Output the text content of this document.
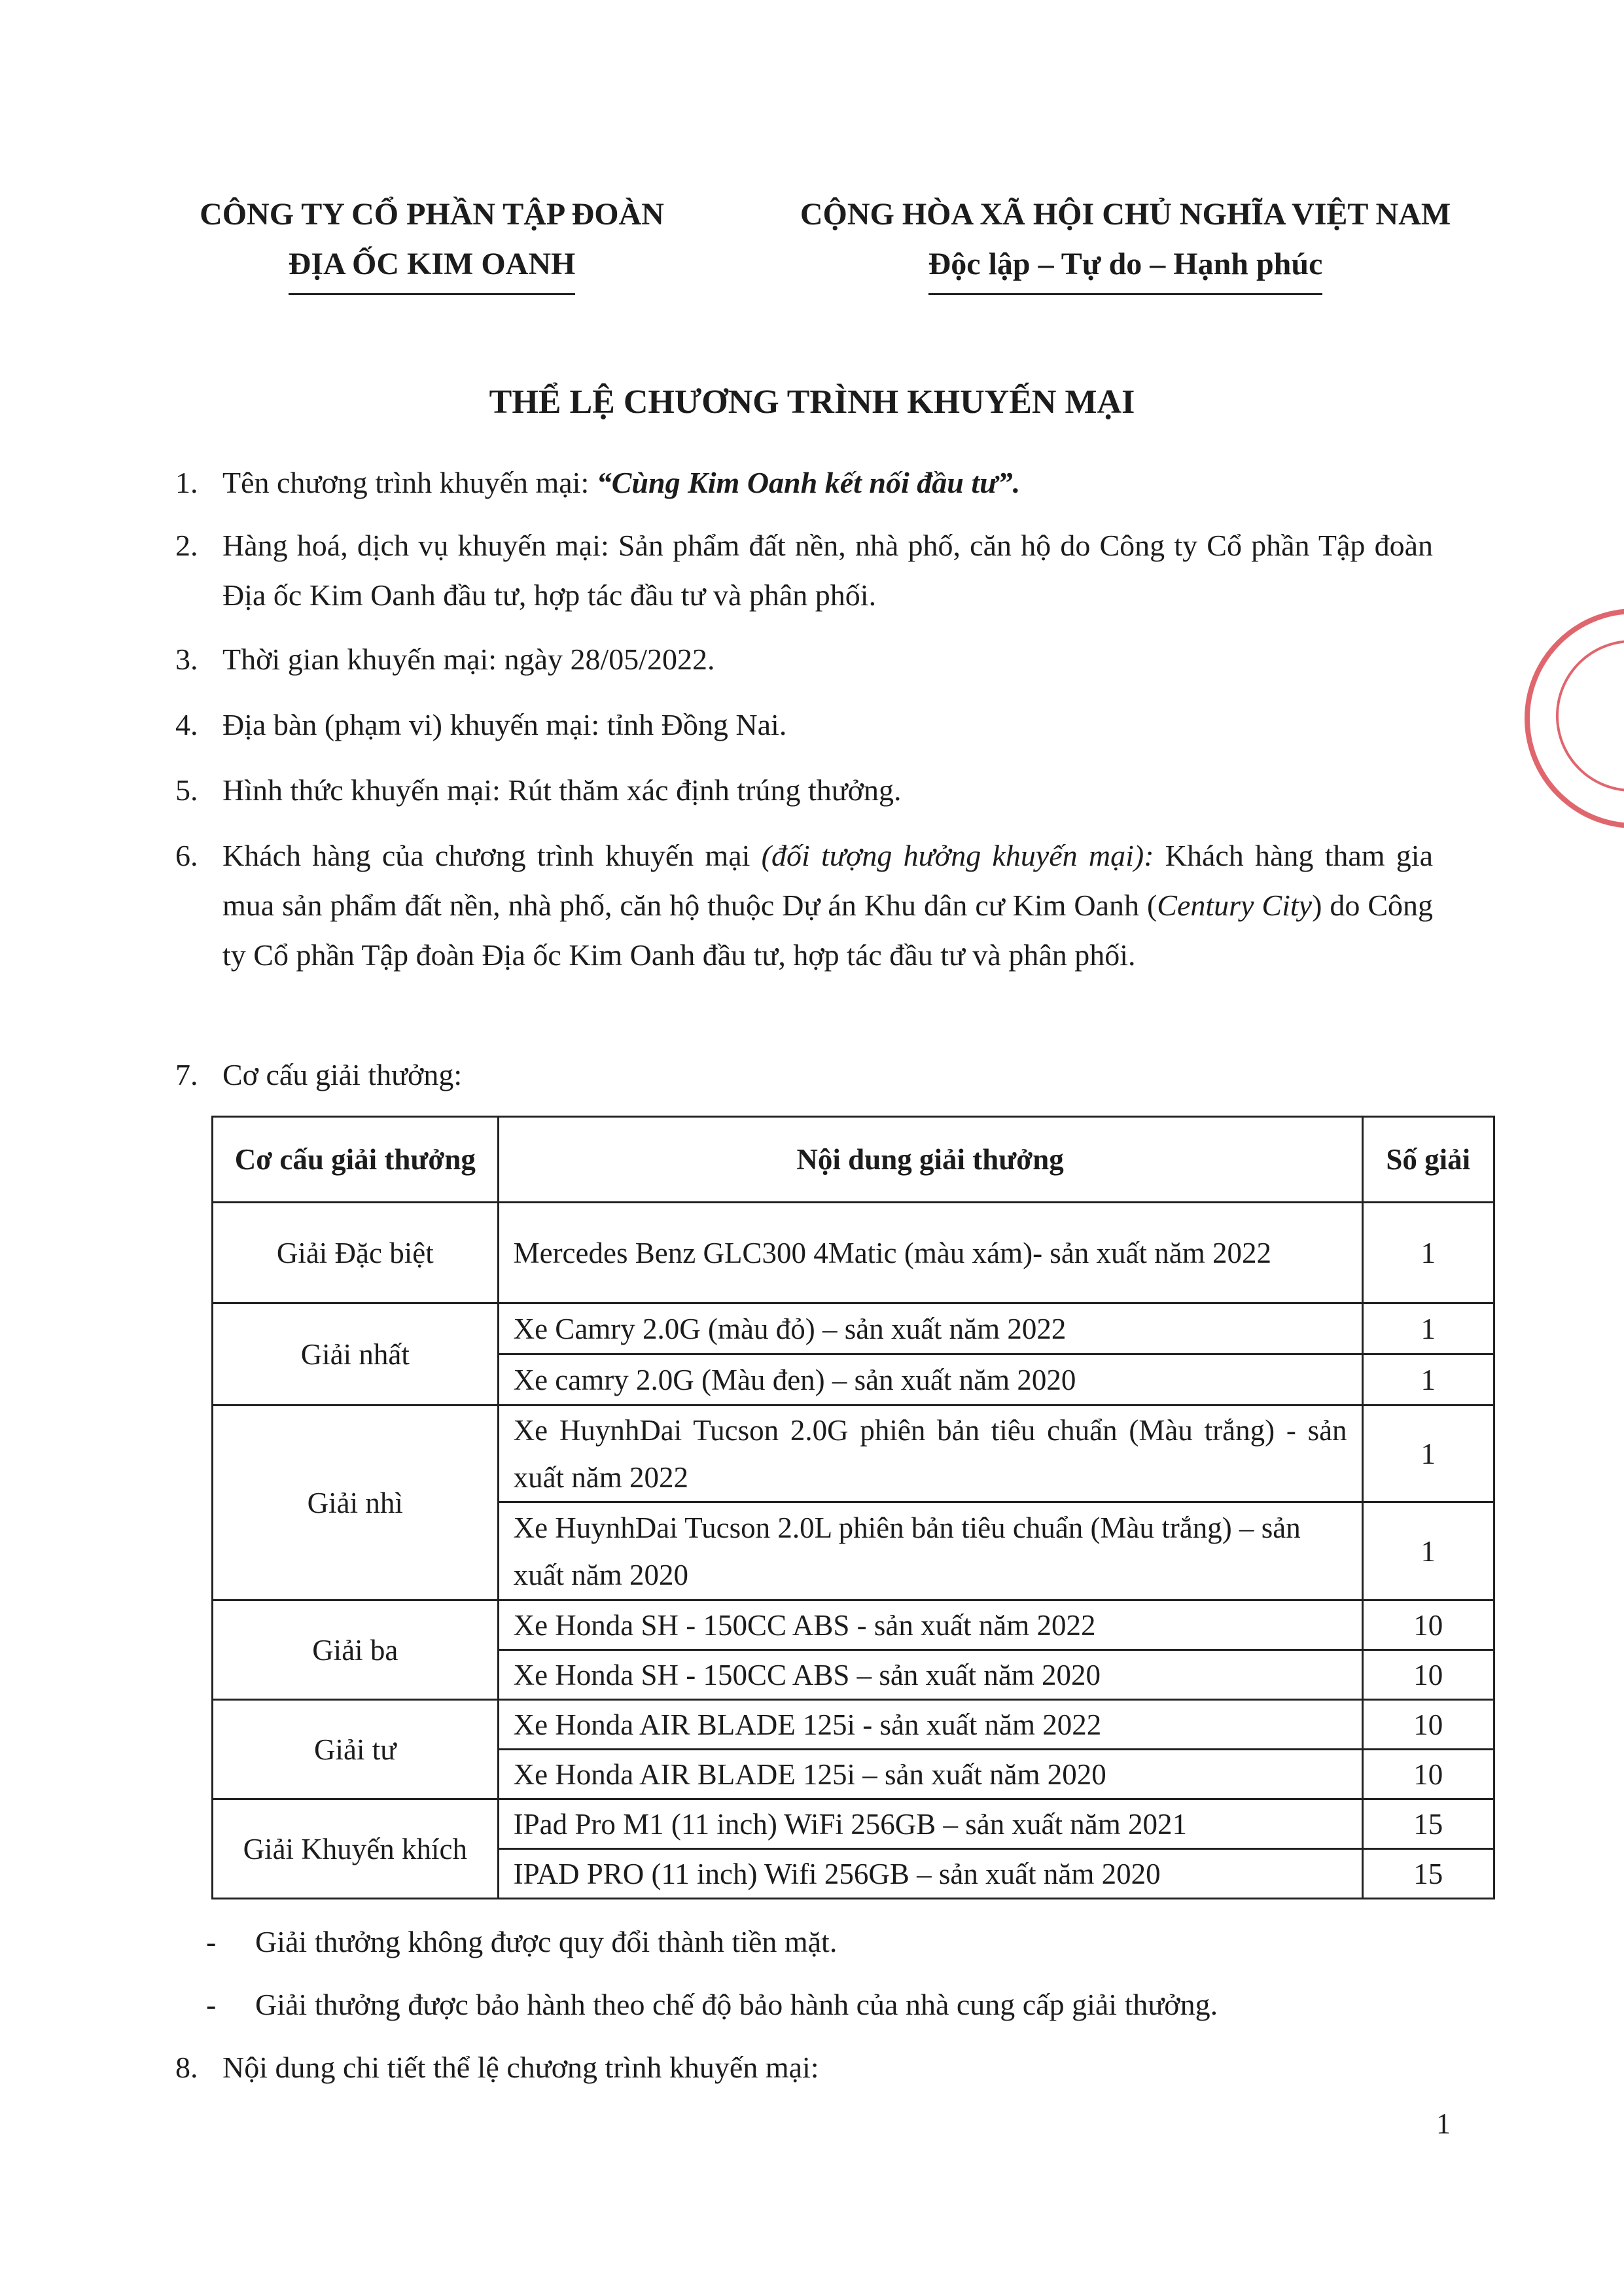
CÔNG TY CỔ PHẦN TẬP ĐOÀN
ĐỊA ỐC KIM OANH
CỘNG HÒA XÃ HỘI CHỦ NGHĨA VIỆT NAM
Độc lập – Tự do – Hạnh phúc
THỂ LỆ CHƯƠNG TRÌNH KHUYẾN MẠI
1. Tên chương trình khuyến mại: “Cùng Kim Oanh kết nối đầu tư”.
2. Hàng hoá, dịch vụ khuyến mại: Sản phẩm đất nền, nhà phố, căn hộ do Công ty Cổ phần Tập đoàn Địa ốc Kim Oanh đầu tư, hợp tác đầu tư và phân phối.
3. Thời gian khuyến mại: ngày 28/05/2022.
4. Địa bàn (phạm vi) khuyến mại: tỉnh Đồng Nai.
5. Hình thức khuyến mại: Rút thăm xác định trúng thưởng.
6. Khách hàng của chương trình khuyến mại (đối tượng hưởng khuyến mại): Khách hàng tham gia mua sản phẩm đất nền, nhà phố, căn hộ thuộc Dự án Khu dân cư Kim Oanh (Century City) do Công ty Cổ phần Tập đoàn Địa ốc Kim Oanh đầu tư, hợp tác đầu tư và phân phối.
7. Cơ cấu giải thưởng:
Cơ cấu giải thưởng	Nội dung giải thưởng	Số giải
Giải Đặc biệt	Mercedes Benz GLC300 4Matic (màu xám)- sản xuất năm 2022	1
Giải nhất	Xe Camry 2.0G (màu đỏ) – sản xuất năm 2022	1
	Xe camry 2.0G (Màu đen) – sản xuất năm 2020	1
Giải nhì	Xe HuynhDai Tucson 2.0G phiên bản tiêu chuẩn (Màu trắng) - sản xuất năm 2022	1
	Xe HuynhDai Tucson 2.0L phiên bản tiêu chuẩn (Màu trắng) – sản xuất năm 2020	1
Giải ba	Xe Honda SH - 150CC ABS - sản xuất năm 2022	10
	Xe Honda SH - 150CC ABS – sản xuất năm 2020	10
Giải tư	Xe Honda AIR BLADE 125i - sản xuất năm 2022	10
	Xe Honda AIR BLADE 125i – sản xuất năm 2020	10
Giải Khuyến khích	IPad Pro M1 (11 inch) WiFi 256GB – sản xuất năm 2021	15
	IPAD PRO (11 inch) Wifi 256GB – sản xuất năm 2020	15
- Giải thưởng không được quy đổi thành tiền mặt.
- Giải thưởng được bảo hành theo chế độ bảo hành của nhà cung cấp giải thưởng.
8. Nội dung chi tiết thể lệ chương trình khuyến mại:
1
